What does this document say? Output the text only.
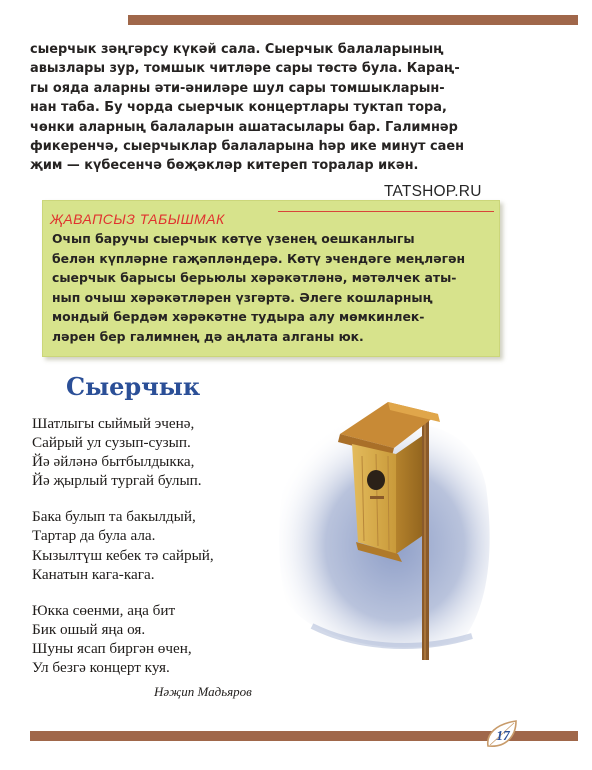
сыерчык зәңгәрсу күкәй сала. Сыерчык балаларының
авызлары зур, томшык читләре сары төстә була. Караң-
гы ояда аларны әти-әниләре шул сары томшыкларын-
нан таба. Бу чорда сыерчык концертлары туктап тора,
чөнки аларның балаларын ашатасылары бар. Галимнәр
фикеренчә, сыерчыклар балаларына һәр ике минут саен
җим — күбесенчә бөҗәкләр китереп торалар икән.
ҖАВАПСЫЗ ТАБЫШМАК
Очып баручы сыерчык көтүе үзенең оешканлыгы
белән күпләрне гаҗәпләндерә. Көтү эчендәге меңләгән
сыерчык барысы берьюлы хәрәкәтләнә, мәтәлчек аты-
нып очыш хәрәкәтләрен үзгәртә. Әлеге кошларның
мондый бердәм хәрәкәтне тудыра алу мөмкинлек-
ләрен бер галимнең дә аңлата алганы юк.
TATSHOP.RU
Сыерчык
Шатлыгы сыймый эченә,
Сайрый ул сузып-сузып.
Йә әйләнә бытбылдыкка,
Йә җырлый тургай булып.
Бака булып та бакылдый,
Тартар да була ала.
Кызылтүш кебек тә сайрый,
Канатын кага-кага.
Юкка сөенми, аңа бит
Бик ошый яңа оя.
Шуны ясап биргән өчен,
Ул безгә концерт куя.
Нәҗип Мадьяров
17
